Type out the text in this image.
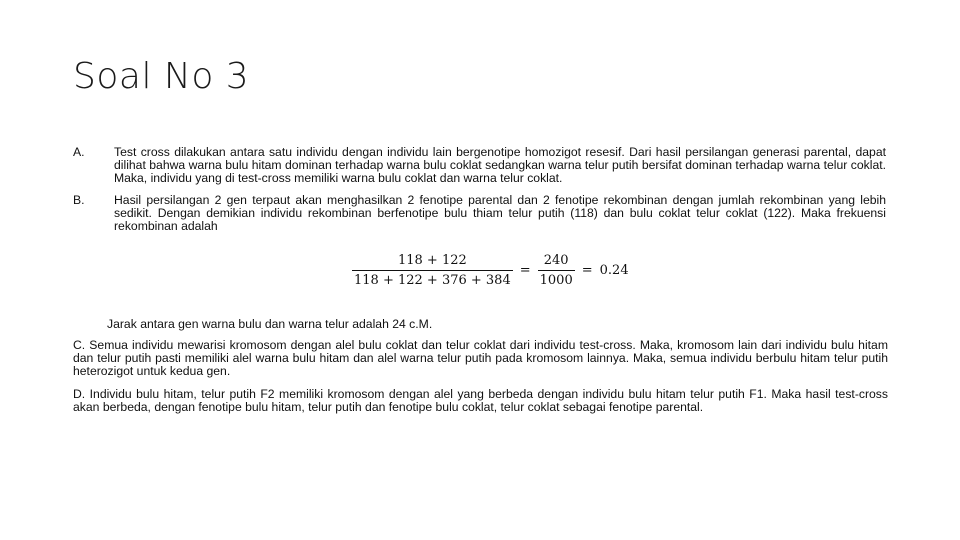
Soal No 3
A. Test cross dilakukan antara satu individu dengan individu lain bergenotipe homozigot resesif. Dari hasil persilangan generasi parental, dapat dilihat bahwa warna bulu hitam dominan terhadap warna bulu coklat sedangkan warna telur putih bersifat dominan terhadap warna telur coklat. Maka, individu yang di test-cross memiliki warna bulu coklat dan warna telur coklat.
B. Hasil persilangan 2 gen terpaut akan menghasilkan 2 fenotipe parental dan 2 fenotipe rekombinan dengan jumlah rekombinan yang lebih sedikit. Dengan demikian individu rekombinan berfenotipe bulu thiam telur putih (118) dan bulu coklat telur coklat (122). Maka frekuensi rekombinan adalah
$\frac{118 + 122}{118 + 122 + 376 + 384} = \frac{240}{1000} = 0.24$
Jarak antara gen warna bulu dan warna telur adalah 24 c.M.
C. Semua individu mewarisi kromosom dengan alel bulu coklat dan telur coklat dari individu test-cross. Maka, kromosom lain dari individu bulu hitam dan telur putih pasti memiliki alel warna bulu hitam dan alel warna telur putih pada kromosom lainnya. Maka, semua individu berbulu hitam telur putih heterozigot untuk kedua gen.
D. Individu bulu hitam, telur putih F2 memiliki kromosom dengan alel yang berbeda dengan individu bulu hitam telur putih F1. Maka hasil test-cross akan berbeda, dengan fenotipe bulu hitam, telur putih dan fenotipe bulu coklat, telur coklat sebagai fenotipe parental.
